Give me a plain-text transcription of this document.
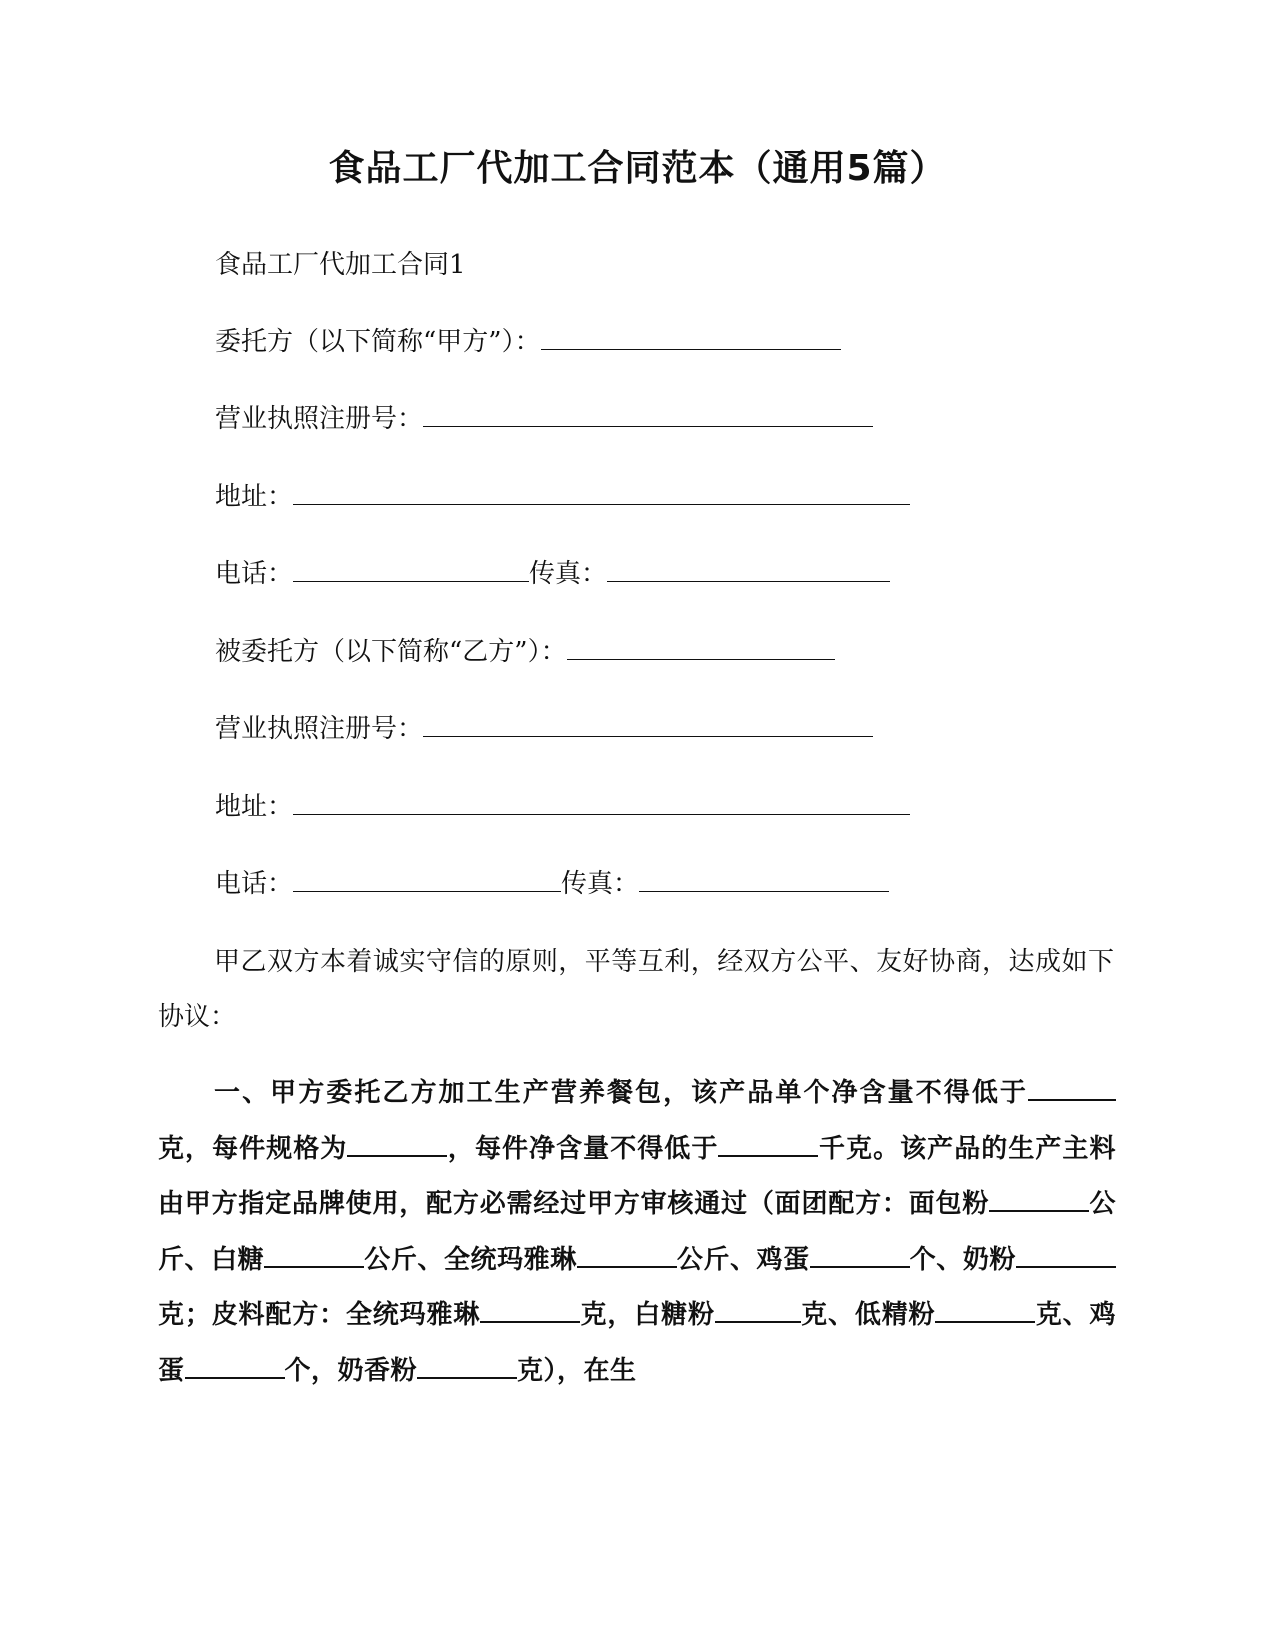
食品工厂代加工合同范本（通用5篇）
食品工厂代加工合同1
委托方（以下简称“甲方”）：
营业执照注册号：
地址：
电话：	传真：
被委托方（以下简称“乙方”）：
营业执照注册号：
地址：
电话：	传真：
甲乙双方本着诚实守信的原则，平等互利，经双方公平、友好协商，达成如下协议：
一、甲方委托乙方加工生产营养餐包，该产品单个净含量不得低于克，每件规格为	，每件净含量不得低于	千克。该产品的生产主料由甲方指定品牌使用，配方必需经过甲方审核通过（面团配方：面包粉	公斤、白糖	公斤、全统玛雅琳	公斤、鸡蛋	个、奶粉克；皮料配方：全统玛雅琳	克，白糖粉	克、低精粉	克、鸡蛋	个，奶香粉	克），在生
